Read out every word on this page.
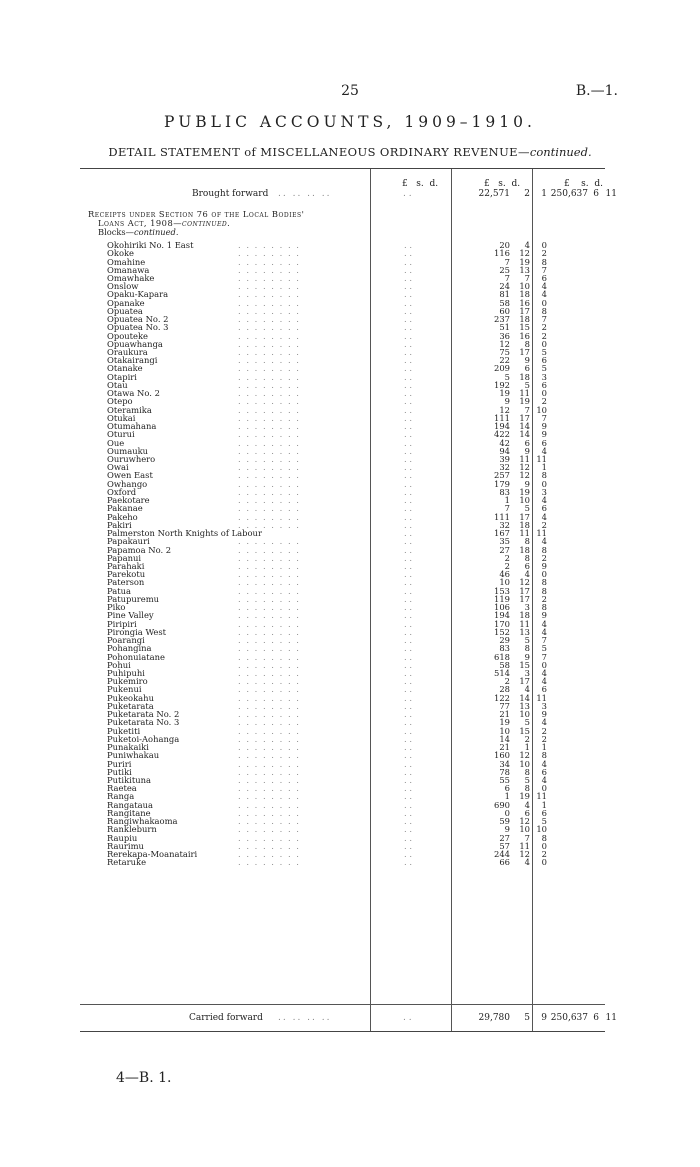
25	B.—1.
PUBLIC ACCOUNTS, 1909–1910.
DETAIL STATEMENT of MISCELLANEOUS ORDINARY REVENUE—continued.
£   s.  d.	£   s.  d.	£    s.  d.
Brought forward .. .. .. ..	. .	22,571	2	1 250,637 6 11
Receipts under Section 76 of the Local Bodies'
Loans Act, 1908—continued.
Blocks—continued.
Okohiriki No. 1 East	20	4	0
. . . . . . . .	. .
Okoke	116	12	2
. . . . . . . .	. .
Omahine	7	19	8
. . . . . . . .	. .
Omanawa	25	13	7
. . . . . . . .	. .
Omawhake	7	7	6
. . . . . . . .	. .
Onslow	24	10	4
. . . . . . . .	. .
Opaku-Kapara	81	18	4
. . . . . . . .	. .
Opanake	58	16	0
. . . . . . . .	. .
Opuatea	60	17	8
. . . . . . . .	. .
Opuatea No. 2	237	18	7
. . . . . . . .	. .
Opuatea No. 3	51	15	2
. . . . . . . .	. .
Opouteke	36	16	2
. . . . . . . .	. .
Opuawhanga	12	8	0
. . . . . . . .	. .
Oraukura	75	17	5
. . . . . . . .	. .
Otakairangi	22	9	6
. . . . . . . .	. .
Otanake	209	6	5
. . . . . . . .	. .
Otapiri	5	18	3
. . . . . . . .	. .
Otau	192	5	6
. . . . . . . .	. .
Otawa No. 2	19	11	0
. . . . . . . .	. .
Otepo	9	19	2
. . . . . . . .	. .
Oteramika	12	7 10
. . . . . . . .	. .
Otukai	111	17	7
. . . . . . . .	. .
Otumahana	194	14	9
. . . . . . . .	. .
Oturui	422	14	9
. . . . . . . .	. .
Oue	42	6	6
. . . . . . . .	. .
Oumauku	94	9	4
. . . . . . . .	. .
Ouruwhero	39	11 11
. . . . . . . .	. .
Owai	32	12	1
. . . . . . . .	. .
Owen East	257	12	8
. . . . . . . .	. .
Owhango	179	9	0
. . . . . . . .	. .
Oxford	83	19	3
. . . . . . . .	. .
Paekotare	1	10	4
. . . . . . . .	. .
Pakanae	7	5	6
. . . . . . . .	. .
Pakeho	111	17	4
. . . . . . . .	. .
Pakiri	32	18	2
. . . . . . . .	. .
Palmerston North Knights of Labour	167	11 11
. .
Papakauri	35	8	4
. . . . . . . .	. .
Papamoa No. 2	27	18	8
. . . . . . . .	. .
Papanui	2	8	2
. . . . . . . .	. .
Parahaki	2	6	9
. . . . . . . .	. .
Parekotu	46	4	0
. . . . . . . .	. .
Paterson	10	12	8
. . . . . . . .	. .
Patua	153	17	8
. . . . . . . .	. .
Patupuremu	119	17	2
. . . . . . . .	. .
Piko	106	3	8
. . . . . . . .	. .
Pine Valley	194	18	9
. . . . . . . .	. .
Piripiri	170	11	4
. . . . . . . .	. .
Pirongia West	152	13	4
. . . . . . . .	. .
Poarangi	29	5	7
. . . . . . . .	. .
Pohangina	83	8	5
. . . . . . . .	. .
Pohonuiatane	618	9	7
. . . . . . . .	. .
Pohui	58	15	0
. . . . . . . .	. .
Puhipuhi	514	3	4
. . . . . . . .	. .
Pukemiro	2	17	4
. . . . . . . .	. .
Pukenui	28	4	6
. . . . . . . .	. .
Pukeokahu	122	14 11
. . . . . . . .	. .
Puketarata	77	13	3
. . . . . . . .	. .
Puketarata No. 2	21	10	9
. . . . . . . .	. .
Puketarata No. 3	19	5	4
. . . . . . . .	. .
Puketiti	10	15	2
. . . . . . . .	. .
Puketoi-Aohanga	14	2	2
. . . . . . . .	. .
Punakaiki	21	1	1
. . . . . . . .	. .
Puniwhakau	160	12	8
. . . . . . . .	. .
Puriri	34	10	4
. . . . . . . .	. .
Putiki	78	8	6
. . . . . . . .	. .
Putikituna	55	5	4
. . . . . . . .	. .
Raetea	6	8	0
. . . . . . . .	. .
Ranga	1	19 11
. . . . . . . .	. .
Rangataua	690	4	1
. . . . . . . .	. .
Rangitane	0	6	6
. . . . . . . .	. .
Rangiwhakaoma	59	12	5
. . . . . . . .	. .
Rankleburn	9	10 10
. . . . . . . .	. .
Raupiu	27	7	8
. . . . . . . .	. .
Raurimu	57	11	0
. . . . . . . .	. .
Rerekapa-Moanatairi	244	12	2
. . . . . . . .	. .
Retaruke	66	4	0
. . . . . . . .	. .
Carried forward .. .. .. ..	. .	29,780	5	9 250,637 6 11
4—B. 1.
